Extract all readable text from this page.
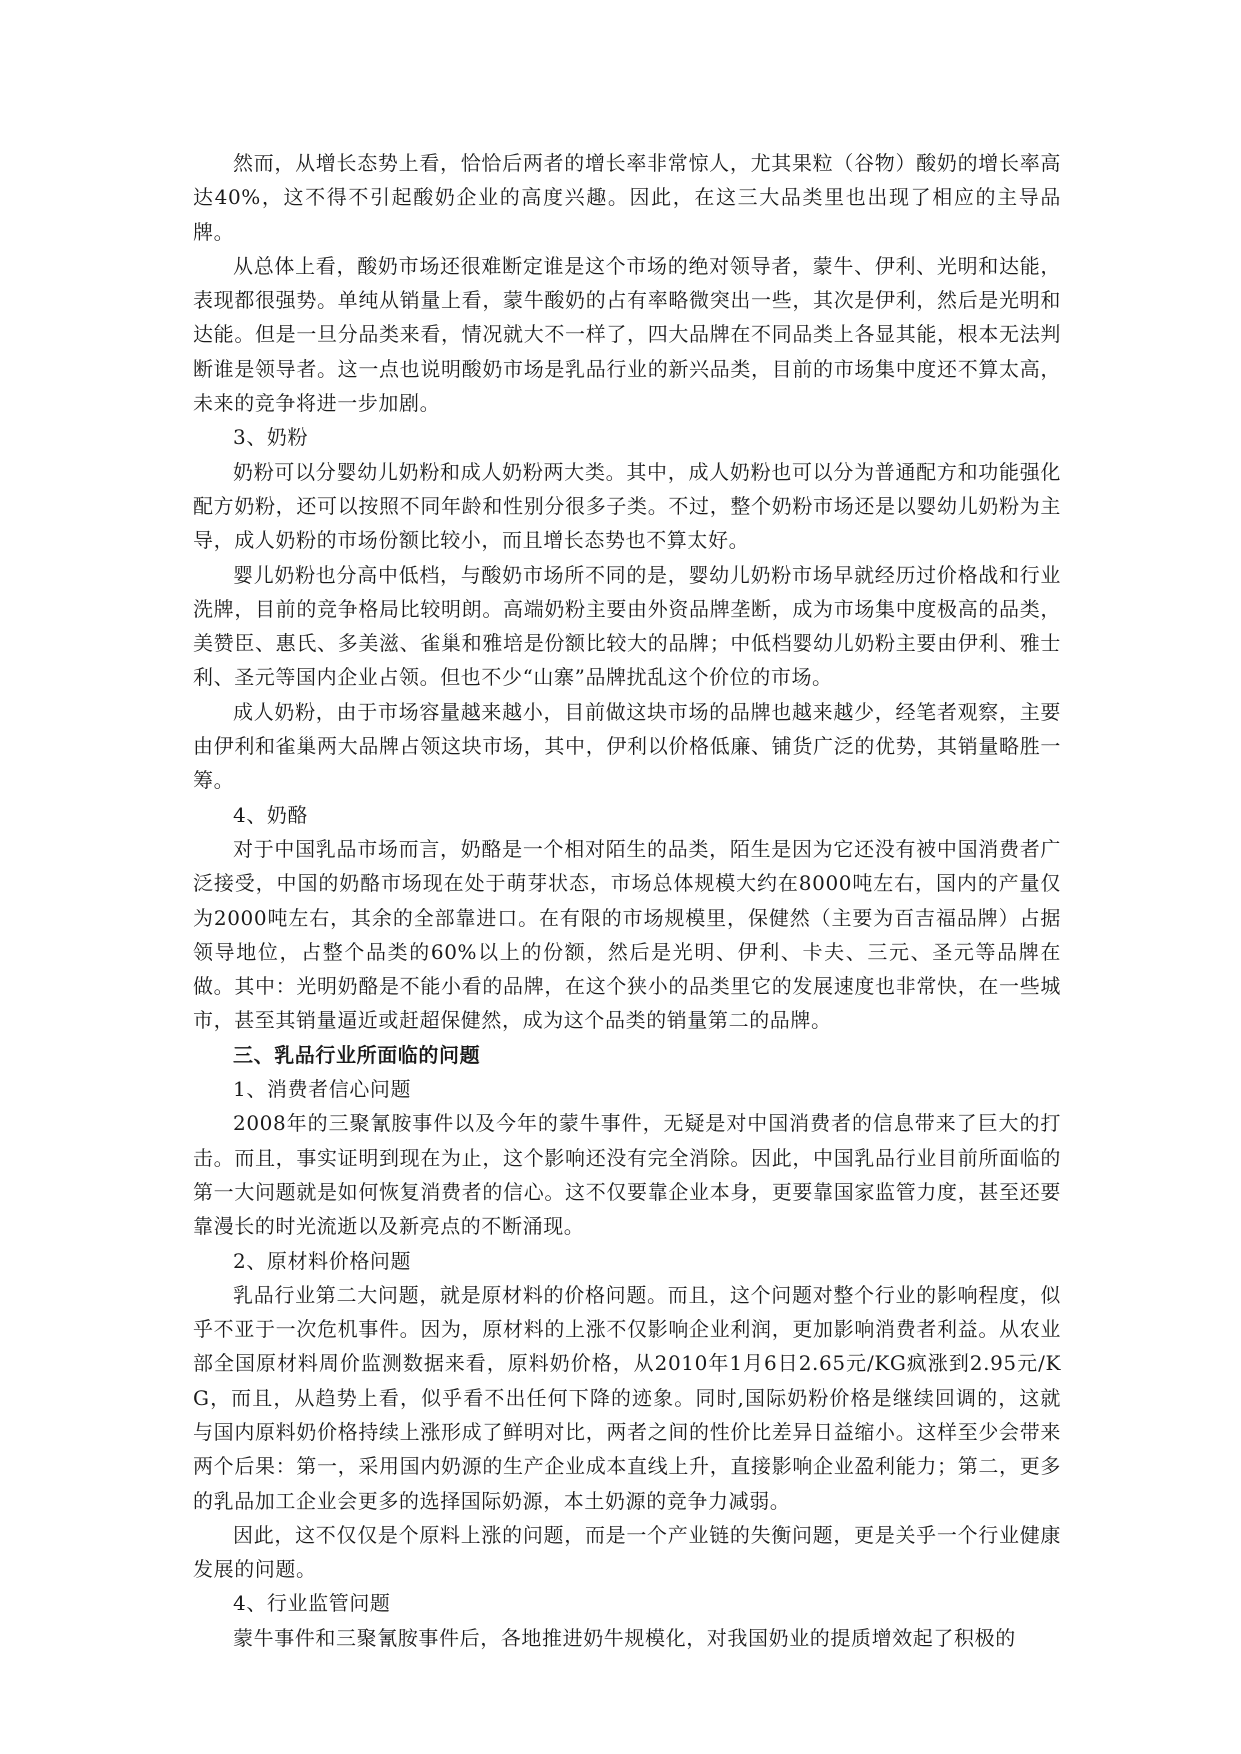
然而，从增长态势上看，恰恰后两者的增长率非常惊人，尤其果粒（谷物）酸奶的增长率高达40%，这不得不引起酸奶企业的高度兴趣。因此，在这三大品类里也出现了相应的主导品牌。

从总体上看，酸奶市场还很难断定谁是这个市场的绝对领导者，蒙牛、伊利、光明和达能，表现都很强势。单纯从销量上看，蒙牛酸奶的占有率略微突出一些，其次是伊利，然后是光明和达能。但是一旦分品类来看，情况就大不一样了，四大品牌在不同品类上各显其能，根本无法判断谁是领导者。这一点也说明酸奶市场是乳品行业的新兴品类，目前的市场集中度还不算太高，未来的竞争将进一步加剧。

3、奶粉

奶粉可以分婴幼儿奶粉和成人奶粉两大类。其中，成人奶粉也可以分为普通配方和功能强化配方奶粉，还可以按照不同年龄和性别分很多子类。不过，整个奶粉市场还是以婴幼儿奶粉为主导，成人奶粉的市场份额比较小，而且增长态势也不算太好。

婴儿奶粉也分高中低档，与酸奶市场所不同的是，婴幼儿奶粉市场早就经历过价格战和行业洗牌，目前的竞争格局比较明朗。高端奶粉主要由外资品牌垄断，成为市场集中度极高的品类，美赞臣、惠氏、多美滋、雀巢和雅培是份额比较大的品牌；中低档婴幼儿奶粉主要由伊利、雅士利、圣元等国内企业占领。但也不少“山寨”品牌扰乱这个价位的市场。

成人奶粉，由于市场容量越来越小，目前做这块市场的品牌也越来越少，经笔者观察，主要由伊利和雀巢两大品牌占领这块市场，其中，伊利以价格低廉、铺货广泛的优势，其销量略胜一筹。

4、奶酪

对于中国乳品市场而言，奶酪是一个相对陌生的品类，陌生是因为它还没有被中国消费者广泛接受，中国的奶酪市场现在处于萌芽状态，市场总体规模大约在8000吨左右，国内的产量仅为2000吨左右，其余的全部靠进口。在有限的市场规模里，保健然（主要为百吉福品牌）占据领导地位，占整个品类的60%以上的份额，然后是光明、伊利、卡夫、三元、圣元等品牌在做。其中：光明奶酪是不能小看的品牌，在这个狭小的品类里它的发展速度也非常快，在一些城市，甚至其销量逼近或赶超保健然，成为这个品类的销量第二的品牌。

三、乳品行业所面临的问题

1、消费者信心问题

2008年的三聚氰胺事件以及今年的蒙牛事件，无疑是对中国消费者的信息带来了巨大的打击。而且，事实证明到现在为止，这个影响还没有完全消除。因此，中国乳品行业目前所面临的第一大问题就是如何恢复消费者的信心。这不仅要靠企业本身，更要靠国家监管力度，甚至还要靠漫长的时光流逝以及新亮点的不断涌现。

2、原材料价格问题

乳品行业第二大问题，就是原材料的价格问题。而且，这个问题对整个行业的影响程度，似乎不亚于一次危机事件。因为，原材料的上涨不仅影响企业利润，更加影响消费者利益。从农业部全国原材料周价监测数据来看，原料奶价格，从2010年1月6日2.65元/KG疯涨到2.95元/KG，而且，从趋势上看，似乎看不出任何下降的迹象。同时,国际奶粉价格是继续回调的，这就与国内原料奶价格持续上涨形成了鲜明对比，两者之间的性价比差异日益缩小。这样至少会带来两个后果：第一，采用国内奶源的生产企业成本直线上升，直接影响企业盈利能力；第二，更多的乳品加工企业会更多的选择国际奶源，本土奶源的竞争力减弱。

因此，这不仅仅是个原料上涨的问题，而是一个产业链的失衡问题，更是关乎一个行业健康发展的问题。

4、行业监管问题

蒙牛事件和三聚氰胺事件后，各地推进奶牛规模化，对我国奶业的提质增效起了积极的
